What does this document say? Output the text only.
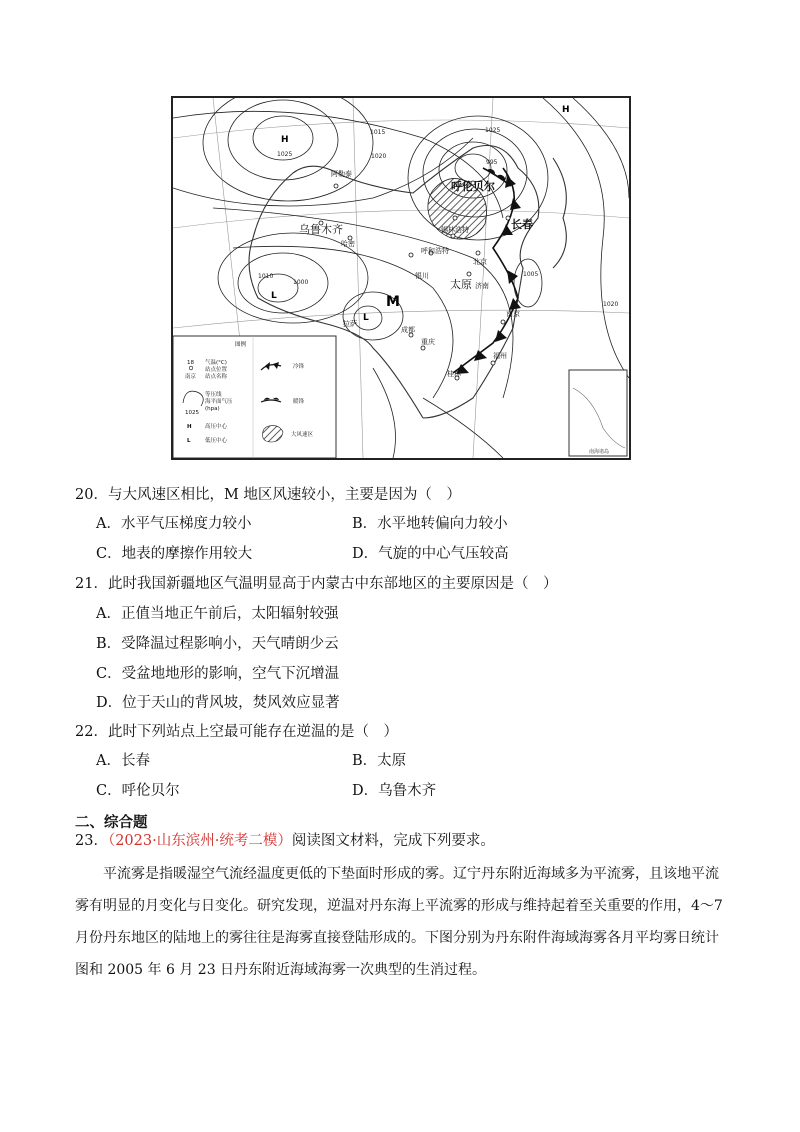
H
H
L
L
M
1025	1020
1015
1010	1005
1000
995
1025
1020
呼伦贝尔
长春
乌鲁木齐	锡林浩特
呼和浩特
太原
北京
济南
银川
南京
福州
成都
重庆
桂林
阿勒泰
哈密
拉萨
南海诸岛
图例
18
南京
气温(°C)
站点位置
站点名称
1025
等压线
海平面气压
(hpa)
H 高压中心
L	低压中心
冷锋
暖锋
大风速区
20．与大风速区相比，M 地区风速较小，主要是因为（　）
A．水平气压梯度力较小	B．水平地转偏向力较小
C．地表的摩擦作用较大	D．气旋的中心气压较高
21．此时我国新疆地区气温明显高于内蒙古中东部地区的主要原因是（　）
A．正值当地正午前后，太阳辐射较强
B．受降温过程影响小，天气晴朗少云
C．受盆地地形的影响，空气下沉增温
D．位于天山的背风坡，焚风效应显著
22．此时下列站点上空最可能存在逆温的是（　）
A．长春	B．太原
C．呼伦贝尔	D．乌鲁木齐
二、综合题
23．（2023·山东滨州·统考二模）阅读图文材料，完成下列要求。
平流雾是指暖湿空气流经温度更低的下垫面时形成的雾。辽宁丹东附近海域多为平流雾，且该地平流
雾有明显的月变化与日变化。研究发现，逆温对丹东海上平流雾的形成与维持起着至关重要的作用，4～7
月份丹东地区的陆地上的雾往往是海雾直接登陆形成的。下图分别为丹东附件海域海雾各月平均雾日统计
图和 2005 年 6 月 23 日丹东附近海域海雾一次典型的生消过程。
